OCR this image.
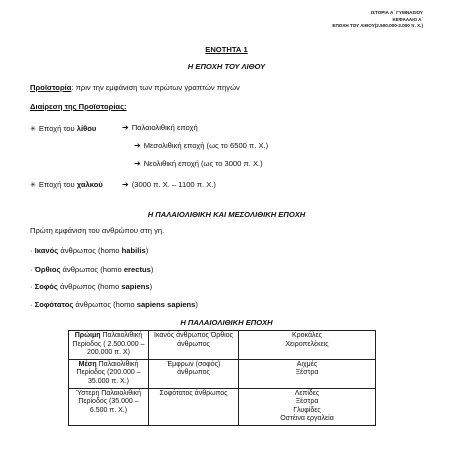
ΙΣΤΟΡΙΑ Α΄ ΓΥΜΝΑΣΙΟΥ
ΚΕΦΑΛΑΙΟ Α΄
ΕΠΟΧΗ ΤΟΥ ΛΙΘΟΥ(2.500.000-3.000 π. Χ.)
ΕΝΟΤΗΤΑ 1
Η ΕΠΟΧΗ ΤΟΥ ΛΙΘΟΥ
Προϊστορία: πριν την εμφάνιση των πρώτων γραπτών πηγών
Διαίρεση της Προϊστορίας:
✳ Εποχή του λίθου	➔ Παλαιολιθική εποχή
➔ Μεσολιθική εποχή (ως το 6500 π. Χ.)
➔ Νεολιθική εποχή (ως το 3000 π. Χ.)
✳ Εποχή του χαλκού ➔ (3000 π. Χ. – 1100 π. Χ.)
Η ΠΑΛΑΙΟΛΙΘΙΚΗ ΚΑΙ ΜΕΣΟΛΙΘΙΚΗ ΕΠΟΧΗ
Πρώτη εμφάνιση του ανθρώπου στη γη.
· Ικανός άνθρωπος (homo habilis)
· Όρθιος άνθρωπος (homo erectus)
· Σοφός άνθρωπος (homo sapiens)
· Σοφότατος άνθρωπος (homo sapiens sapiens)
Η ΠΑΛΑΙΟΛΙΘΙΚΗ ΕΠΟΧΗ
Πρώιμη Παλαιολιθική Περίοδος ( 2.500.000 – 200.000 π. Χ)	Ικανός άνθρωπος Όρθιος άνθρωπος	Κροκάλες
Χειροπελέκεις

Μέση Παλαιολιθική Περίοδος (200.000 – 35.000 π. Χ.)	Έμφρων (σοφός) άνθρωπος	Αιχμές
Ξέστρα

Ύστερη Παλαιολιθική Περίοδος (35.000 – 6.500 π. Χ.)	Σοφότατος άνθρωπος	Λεπίδες
Ξέστρα
Γλυφίδες
Οστέινα εργαλεία
